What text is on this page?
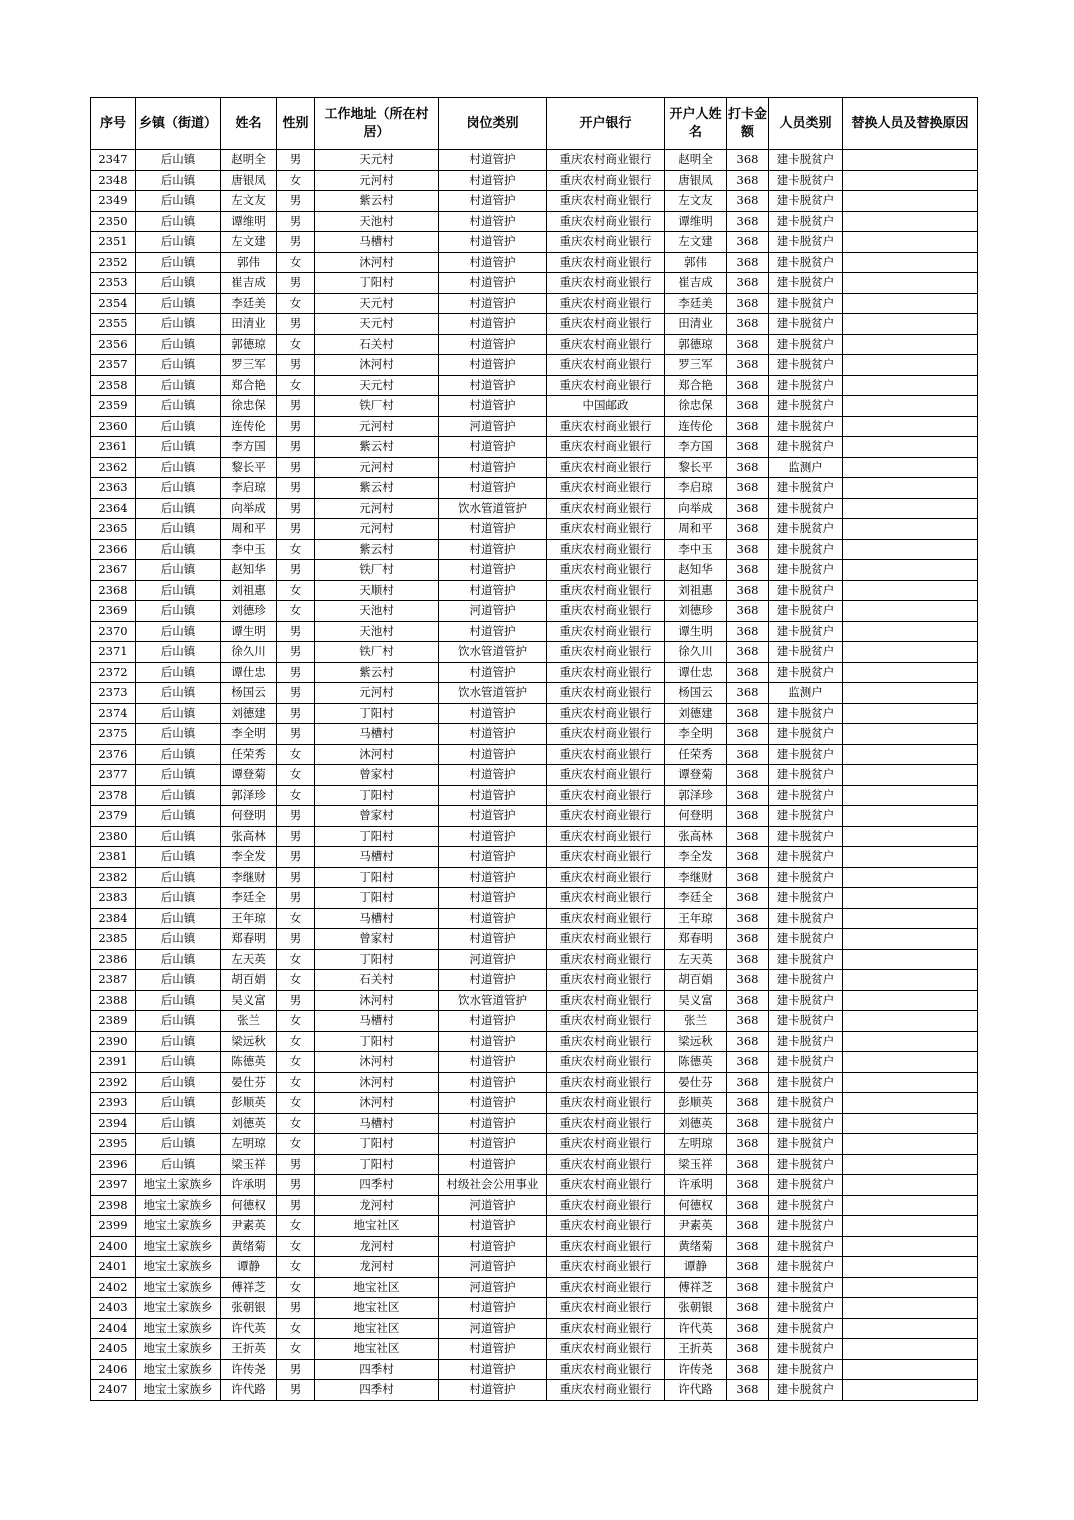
序号	乡镇（街道）	姓名	性别	工作地址（所在村居）	岗位类别	开户银行	开户人姓名	打卡金额	人员类别	替换人员及替换原因
2347	后山镇	赵明全	男	天元村	村道管护	重庆农村商业银行	赵明全	368	建卡脱贫户	
2348	后山镇	唐银凤	女	元河村	村道管护	重庆农村商业银行	唐银凤	368	建卡脱贫户	
2349	后山镇	左文友	男	紫云村	村道管护	重庆农村商业银行	左文友	368	建卡脱贫户	
2350	后山镇	谭维明	男	天池村	村道管护	重庆农村商业银行	谭维明	368	建卡脱贫户	
2351	后山镇	左文建	男	马槽村	村道管护	重庆农村商业银行	左文建	368	建卡脱贫户	
2352	后山镇	郭伟	女	沐河村	村道管护	重庆农村商业银行	郭伟	368	建卡脱贫户	
2353	后山镇	崔吉成	男	丁阳村	村道管护	重庆农村商业银行	崔吉成	368	建卡脱贫户	
2354	后山镇	李廷美	女	天元村	村道管护	重庆农村商业银行	李廷美	368	建卡脱贫户	
2355	后山镇	田清业	男	天元村	村道管护	重庆农村商业银行	田清业	368	建卡脱贫户	
2356	后山镇	郭德琼	女	石关村	村道管护	重庆农村商业银行	郭德琼	368	建卡脱贫户	
2357	后山镇	罗三军	男	沐河村	村道管护	重庆农村商业银行	罗三军	368	建卡脱贫户	
2358	后山镇	郑合艳	女	天元村	村道管护	重庆农村商业银行	郑合艳	368	建卡脱贫户	
2359	后山镇	徐忠保	男	铁厂村	村道管护	中国邮政	徐忠保	368	建卡脱贫户	
2360	后山镇	连传伦	男	元河村	河道管护	重庆农村商业银行	连传伦	368	建卡脱贫户	
2361	后山镇	李方国	男	紫云村	村道管护	重庆农村商业银行	李方国	368	建卡脱贫户	
2362	后山镇	黎长平	男	元河村	村道管护	重庆农村商业银行	黎长平	368	监测户	
2363	后山镇	李启琼	男	紫云村	村道管护	重庆农村商业银行	李启琼	368	建卡脱贫户	
2364	后山镇	向举成	男	元河村	饮水管道管护	重庆农村商业银行	向举成	368	建卡脱贫户	
2365	后山镇	周和平	男	元河村	村道管护	重庆农村商业银行	周和平	368	建卡脱贫户	
2366	后山镇	李中玉	女	紫云村	村道管护	重庆农村商业银行	李中玉	368	建卡脱贫户	
2367	后山镇	赵知华	男	铁厂村	村道管护	重庆农村商业银行	赵知华	368	建卡脱贫户	
2368	后山镇	刘祖惠	女	天顺村	村道管护	重庆农村商业银行	刘祖惠	368	建卡脱贫户	
2369	后山镇	刘德珍	女	天池村	河道管护	重庆农村商业银行	刘德珍	368	建卡脱贫户	
2370	后山镇	谭生明	男	天池村	村道管护	重庆农村商业银行	谭生明	368	建卡脱贫户	
2371	后山镇	徐久川	男	铁厂村	饮水管道管护	重庆农村商业银行	徐久川	368	建卡脱贫户	
2372	后山镇	谭仕忠	男	紫云村	村道管护	重庆农村商业银行	谭仕忠	368	建卡脱贫户	
2373	后山镇	杨国云	男	元河村	饮水管道管护	重庆农村商业银行	杨国云	368	监测户	
2374	后山镇	刘德建	男	丁阳村	村道管护	重庆农村商业银行	刘德建	368	建卡脱贫户	
2375	后山镇	李全明	男	马槽村	村道管护	重庆农村商业银行	李全明	368	建卡脱贫户	
2376	后山镇	任荣秀	女	沐河村	村道管护	重庆农村商业银行	任荣秀	368	建卡脱贫户	
2377	后山镇	谭登菊	女	曾家村	村道管护	重庆农村商业银行	谭登菊	368	建卡脱贫户	
2378	后山镇	郭泽珍	女	丁阳村	村道管护	重庆农村商业银行	郭泽珍	368	建卡脱贫户	
2379	后山镇	何登明	男	曾家村	村道管护	重庆农村商业银行	何登明	368	建卡脱贫户	
2380	后山镇	张高林	男	丁阳村	村道管护	重庆农村商业银行	张高林	368	建卡脱贫户	
2381	后山镇	李全发	男	马槽村	村道管护	重庆农村商业银行	李全发	368	建卡脱贫户	
2382	后山镇	李继财	男	丁阳村	村道管护	重庆农村商业银行	李继财	368	建卡脱贫户	
2383	后山镇	李廷全	男	丁阳村	村道管护	重庆农村商业银行	李廷全	368	建卡脱贫户	
2384	后山镇	王年琼	女	马槽村	村道管护	重庆农村商业银行	王年琼	368	建卡脱贫户	
2385	后山镇	郑春明	男	曾家村	村道管护	重庆农村商业银行	郑春明	368	建卡脱贫户	
2386	后山镇	左天英	女	丁阳村	河道管护	重庆农村商业银行	左天英	368	建卡脱贫户	
2387	后山镇	胡百娟	女	石关村	村道管护	重庆农村商业银行	胡百娟	368	建卡脱贫户	
2388	后山镇	吴义富	男	沐河村	饮水管道管护	重庆农村商业银行	吴义富	368	建卡脱贫户	
2389	后山镇	张兰	女	马槽村	村道管护	重庆农村商业银行	张兰	368	建卡脱贫户	
2390	后山镇	梁远秋	女	丁阳村	村道管护	重庆农村商业银行	梁远秋	368	建卡脱贫户	
2391	后山镇	陈德英	女	沐河村	村道管护	重庆农村商业银行	陈德英	368	建卡脱贫户	
2392	后山镇	晏仕芬	女	沐河村	村道管护	重庆农村商业银行	晏仕芬	368	建卡脱贫户	
2393	后山镇	彭顺英	女	沐河村	村道管护	重庆农村商业银行	彭顺英	368	建卡脱贫户	
2394	后山镇	刘德英	女	马槽村	村道管护	重庆农村商业银行	刘德英	368	建卡脱贫户	
2395	后山镇	左明琼	女	丁阳村	村道管护	重庆农村商业银行	左明琼	368	建卡脱贫户	
2396	后山镇	梁玉祥	男	丁阳村	村道管护	重庆农村商业银行	梁玉祥	368	建卡脱贫户	
2397	地宝土家族乡	许承明	男	四季村	村级社会公用事业	重庆农村商业银行	许承明	368	建卡脱贫户	
2398	地宝土家族乡	何德权	男	龙河村	河道管护	重庆农村商业银行	何德权	368	建卡脱贫户	
2399	地宝土家族乡	尹素英	女	地宝社区	村道管护	重庆农村商业银行	尹素英	368	建卡脱贫户	
2400	地宝土家族乡	黄绪菊	女	龙河村	村道管护	重庆农村商业银行	黄绪菊	368	建卡脱贫户	
2401	地宝土家族乡	谭静	女	龙河村	河道管护	重庆农村商业银行	谭静	368	建卡脱贫户	
2402	地宝土家族乡	傅祥芝	女	地宝社区	河道管护	重庆农村商业银行	傅祥芝	368	建卡脱贫户	
2403	地宝土家族乡	张朝银	男	地宝社区	村道管护	重庆农村商业银行	张朝银	368	建卡脱贫户	
2404	地宝土家族乡	许代英	女	地宝社区	河道管护	重庆农村商业银行	许代英	368	建卡脱贫户	
2405	地宝土家族乡	王折英	女	地宝社区	村道管护	重庆农村商业银行	王折英	368	建卡脱贫户	
2406	地宝土家族乡	许传尧	男	四季村	村道管护	重庆农村商业银行	许传尧	368	建卡脱贫户	
2407	地宝土家族乡	许代路	男	四季村	村道管护	重庆农村商业银行	许代路	368	建卡脱贫户	
